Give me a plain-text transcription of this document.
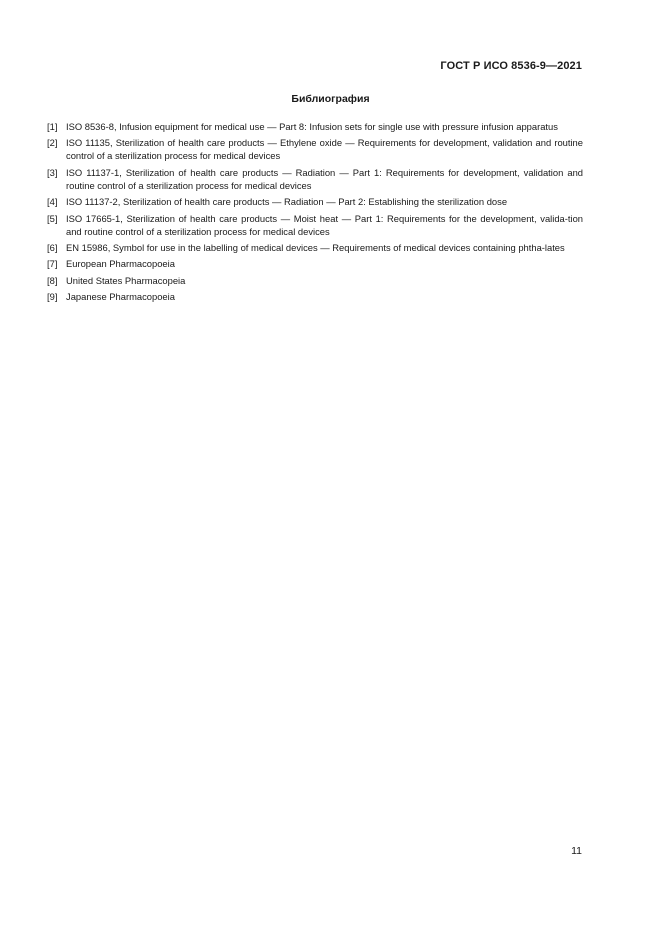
ГОСТ Р ИСО 8536-9—2021
Библиография
[1] ISO 8536-8, Infusion equipment for medical use — Part 8: Infusion sets for single use with pressure infusion apparatus
[2] ISO 11135, Sterilization of health care products — Ethylene oxide — Requirements for development, validation and routine control of a sterilization process for medical devices
[3] ISO 11137-1, Sterilization of health care products — Radiation — Part 1: Requirements for development, validation and routine control of a sterilization process for medical devices
[4] ISO 11137-2, Sterilization of health care products — Radiation — Part 2: Establishing the sterilization dose
[5] ISO 17665-1, Sterilization of health care products — Moist heat — Part 1: Requirements for the development, valida-tion and routine control of a sterilization process for medical devices
[6] EN 15986, Symbol for use in the labelling of medical devices — Requirements of medical devices containing phtha-lates
[7] European Pharmacopoeia
[8] United States Pharmacopeia
[9] Japanese Pharmacopoeia
11
